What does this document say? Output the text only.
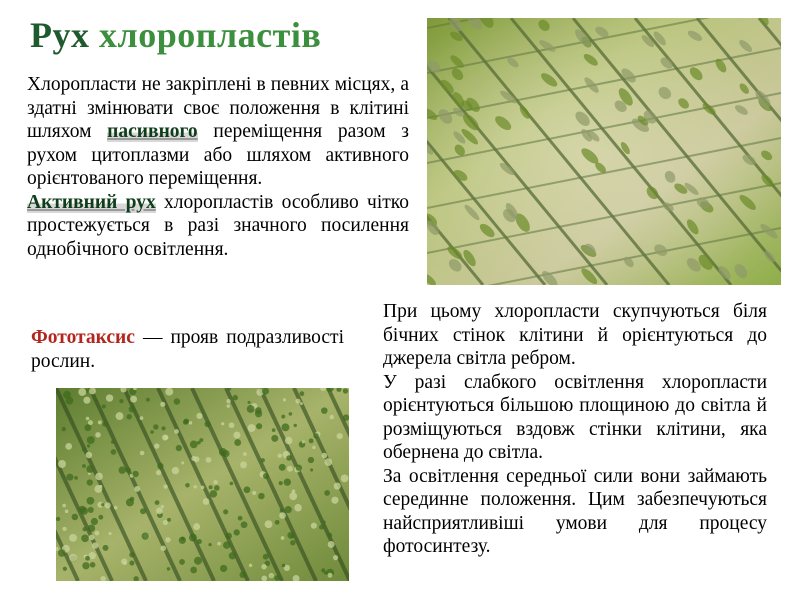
Рух хлоропластів

Хлоропласти не закріплені в певних місцях, а здатні змінювати своє положення в клітині шляхом пасивного переміщення разом з рухом цитоплазми або шляхом активного орієнтованого переміщення.

Активний рух хлоропластів особливо чітко простежується в разі значного посилення однобічного освітлення.

Фототаксис — прояв подразливості рослин.

При цьому хлоропласти скупчуються біля бічних стінок клітини й орієнтуються до джерела світла ребром.

У разі слабкого освітлення хлоропласти орієнтуються більшою площиною до світла й розміщуються вздовж стінки клітини, яка обернена до світла.

За освітлення середньої сили вони займають серединне положення. Цим забезпечуються найсприятливіші умови для процесу фотосинтезу.
